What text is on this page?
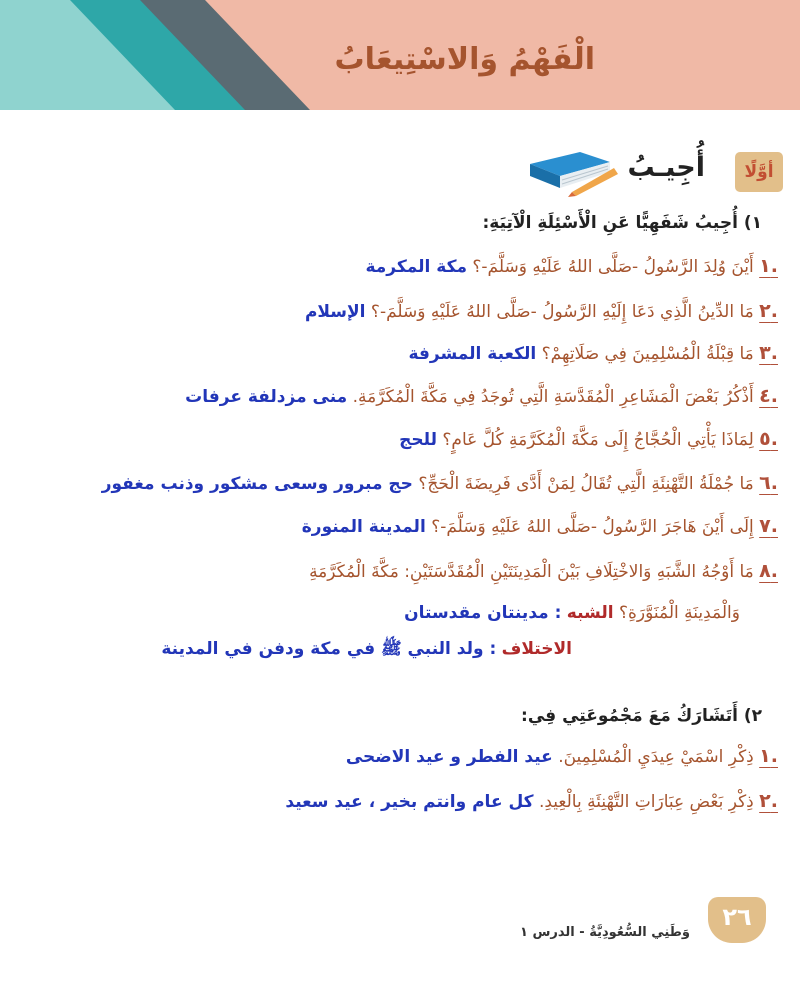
الْفَهْمُ وَالاسْتِيعَابُ
أوَّلًا
أُجِيـبُ
١) أُجِيبُ شَفَهِيًّا عَنِ الْأَسْئِلَةِ الْآتِيَةِ:
.١ أَيْنَ وُلِدَ الرَّسُولُ -صَلَّى اللهُ عَلَيْهِ وَسَلَّمَ-؟ مكة المكرمة
.٢ مَا الدِّينُ الَّذِي دَعَا إِلَيْهِ الرَّسُولُ -صَلَّى اللهُ عَلَيْهِ وَسَلَّمَ-؟ الإسلام
.٣ مَا قِبْلَةُ الْمُسْلِمِينَ فِي صَلَاتِهِمْ؟ الكعبة المشرفة
.٤ أَذْكُرُ بَعْضَ الْمَشَاعِرِ الْمُقَدَّسَةِ الَّتِي تُوجَدُ فِي مَكَّةَ الْمُكَرَّمَةِ. منى مزدلفة عرفات
.٥ لِمَاذَا يَأْتِي الْحُجَّاجُ إِلَى مَكَّةَ الْمُكَرَّمَةِ كُلَّ عَامٍ؟ للحج
.٦ مَا جُمْلَةُ التَّهْنِئَةِ الَّتِي تُقَالُ لِمَنْ أَدَّى فَرِيضَةَ الْحَجِّ؟ حج مبرور وسعى مشكور وذنب مغفور
.٧ إِلَى أَيْنَ هَاجَرَ الرَّسُولُ -صَلَّى اللهُ عَلَيْهِ وَسَلَّمَ-؟ المدينة المنورة
.٨ مَا أَوْجُهُ الشَّبَهِ وَالاخْتِلَافِ بَيْنَ الْمَدِينَتَيْنِ الْمُقَدَّسَتَيْنِ: مَكَّةَ الْمُكَرَّمَةِ
وَالْمَدِينَةِ الْمُنَوَّرَةِ؟ الشبه : مدينتان مقدستان
الاختلاف : ولد النبي ﷺ في مكة ودفن في المدينة
٢) أَتَشَارَكُ مَعَ مَجْمُوعَتِي فِي:
.١ ذِكْرِ اسْمَيْ عِيدَيِ الْمُسْلِمِينَ. عيد الفطر و عيد الاضحى
.٢ ذِكْرِ بَعْضِ عِبَارَاتِ التَّهْنِئَةِ بِالْعِيدِ. كل عام وانتم بخير ، عيد سعيد
٢٦
وَطَنِي السُّعُودِيَّةُ - الدرس ١
